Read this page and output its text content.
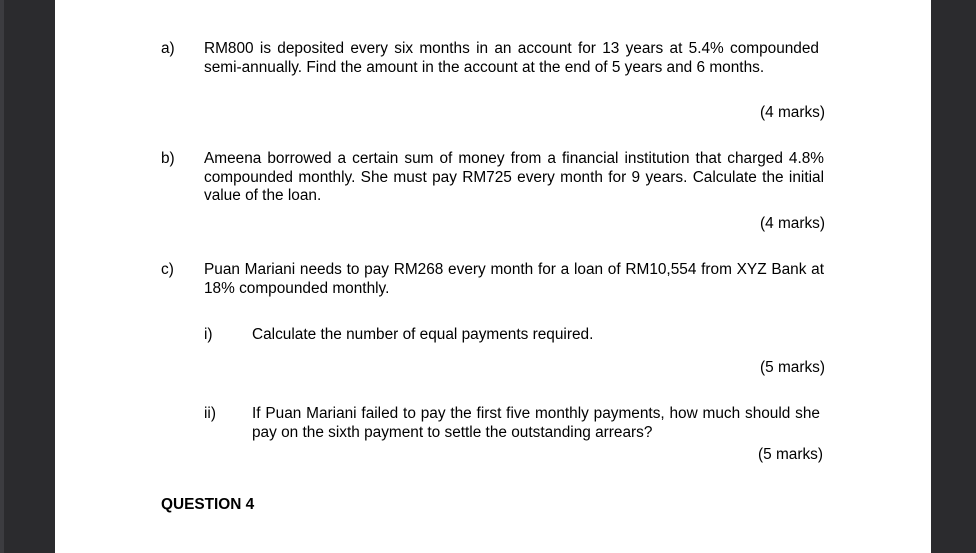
a) RM800 is deposited every six months in an account for 13 years at 5.4% compounded semi-annually. Find the amount in the account at the end of 5 years and 6 months.
(4 marks)
b) Ameena borrowed a certain sum of money from a financial institution that charged 4.8% compounded monthly. She must pay RM725 every month for 9 years. Calculate the initial value of the loan.
(4 marks)
c) Puan Mariani needs to pay RM268 every month for a loan of RM10,554 from XYZ Bank at 18% compounded monthly.
i)	Calculate the number of equal payments required.
(5 marks)
ii) If Puan Mariani failed to pay the first five monthly payments, how much should she pay on the sixth payment to settle the outstanding arrears?
(5 marks)
QUESTION 4
